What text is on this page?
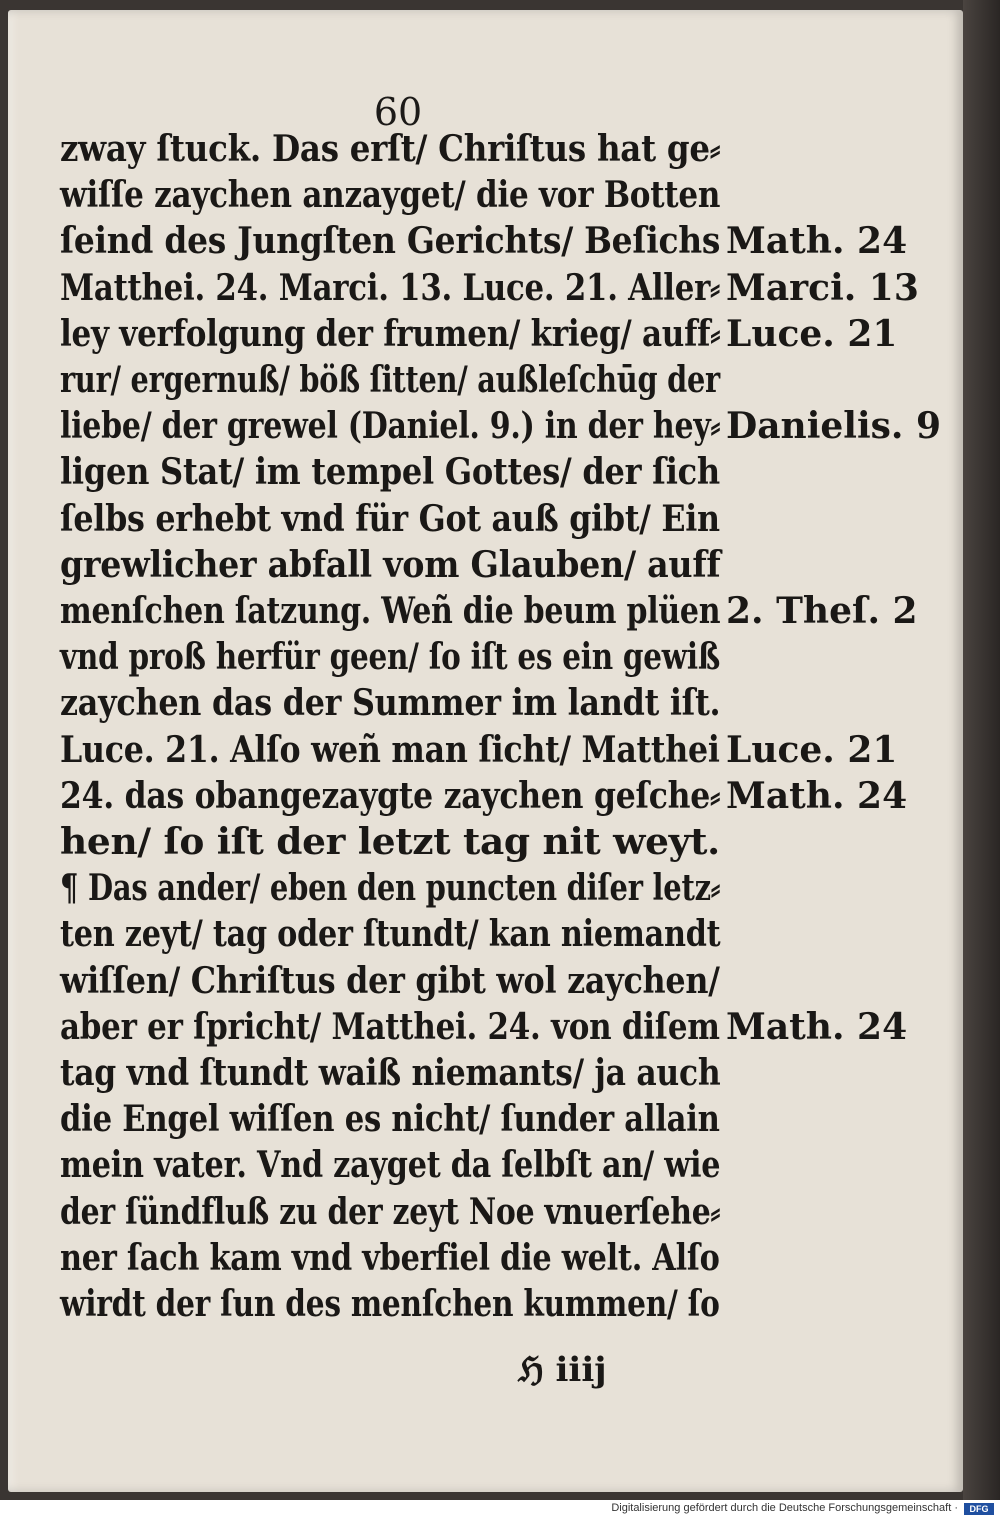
60
zway ſtuck. Das erſt/ Chriſtus hat ge⸗
wiſſe zaychen anzayget/ die vor Botten
ſeind des Jungſten Gerichts/ Beſichs
Matthei. 24. Marci. 13. Luce. 21. Aller⸗
ley verfolgung der frumen/ krieg/ auff⸗
rur/ ergernuß/ böß ſitten/ außleſchūg der
liebe/ der grewel (Daniel. 9.) in der hey⸗
ligen Stat/ im tempel Gottes/ der ſich
ſelbs erhebt vnd für Got auß gibt/ Ein
grewlicher abfall vom Glauben/ auff
menſchen ſatzung. Weñ die beum plüen
vnd proß herfür geen/ ſo iſt es ein gewiß
zaychen das der Summer im landt iſt.
Luce. 21. Alſo weñ man ſicht/ Matthei
24. das obangezaygte zaychen geſche⸗
hen/ ſo iſt der letzt tag nit weyt.
¶ Das ander/ eben den puncten diſer letz⸗
ten zeyt/ tag oder ſtundt/ kan niemandt
wiſſen/ Chriſtus der gibt wol zaychen/
aber er ſpricht/ Matthei. 24. von diſem
tag vnd ſtundt waiß niemants/ ja auch
die Engel wiſſen es nicht/ ſunder allain
mein vater. Vnd zayget da ſelbſt an/ wie
der ſündfluß zu der zeyt Noe vnuerſehe⸗
ner ſach kam vnd vberfiel die welt. Alſo
wirdt der ſun des menſchen kummen/ ſo
Math. 24
Marci. 13
Luce. 21
Danielis. 9
2. Theſ. 2
Luce. 21
Math. 24
Math. 24
ℌ iiij
Digitalisierung gefördert durch die Deutsche Forschungsgemeinschaft ·	DFG
